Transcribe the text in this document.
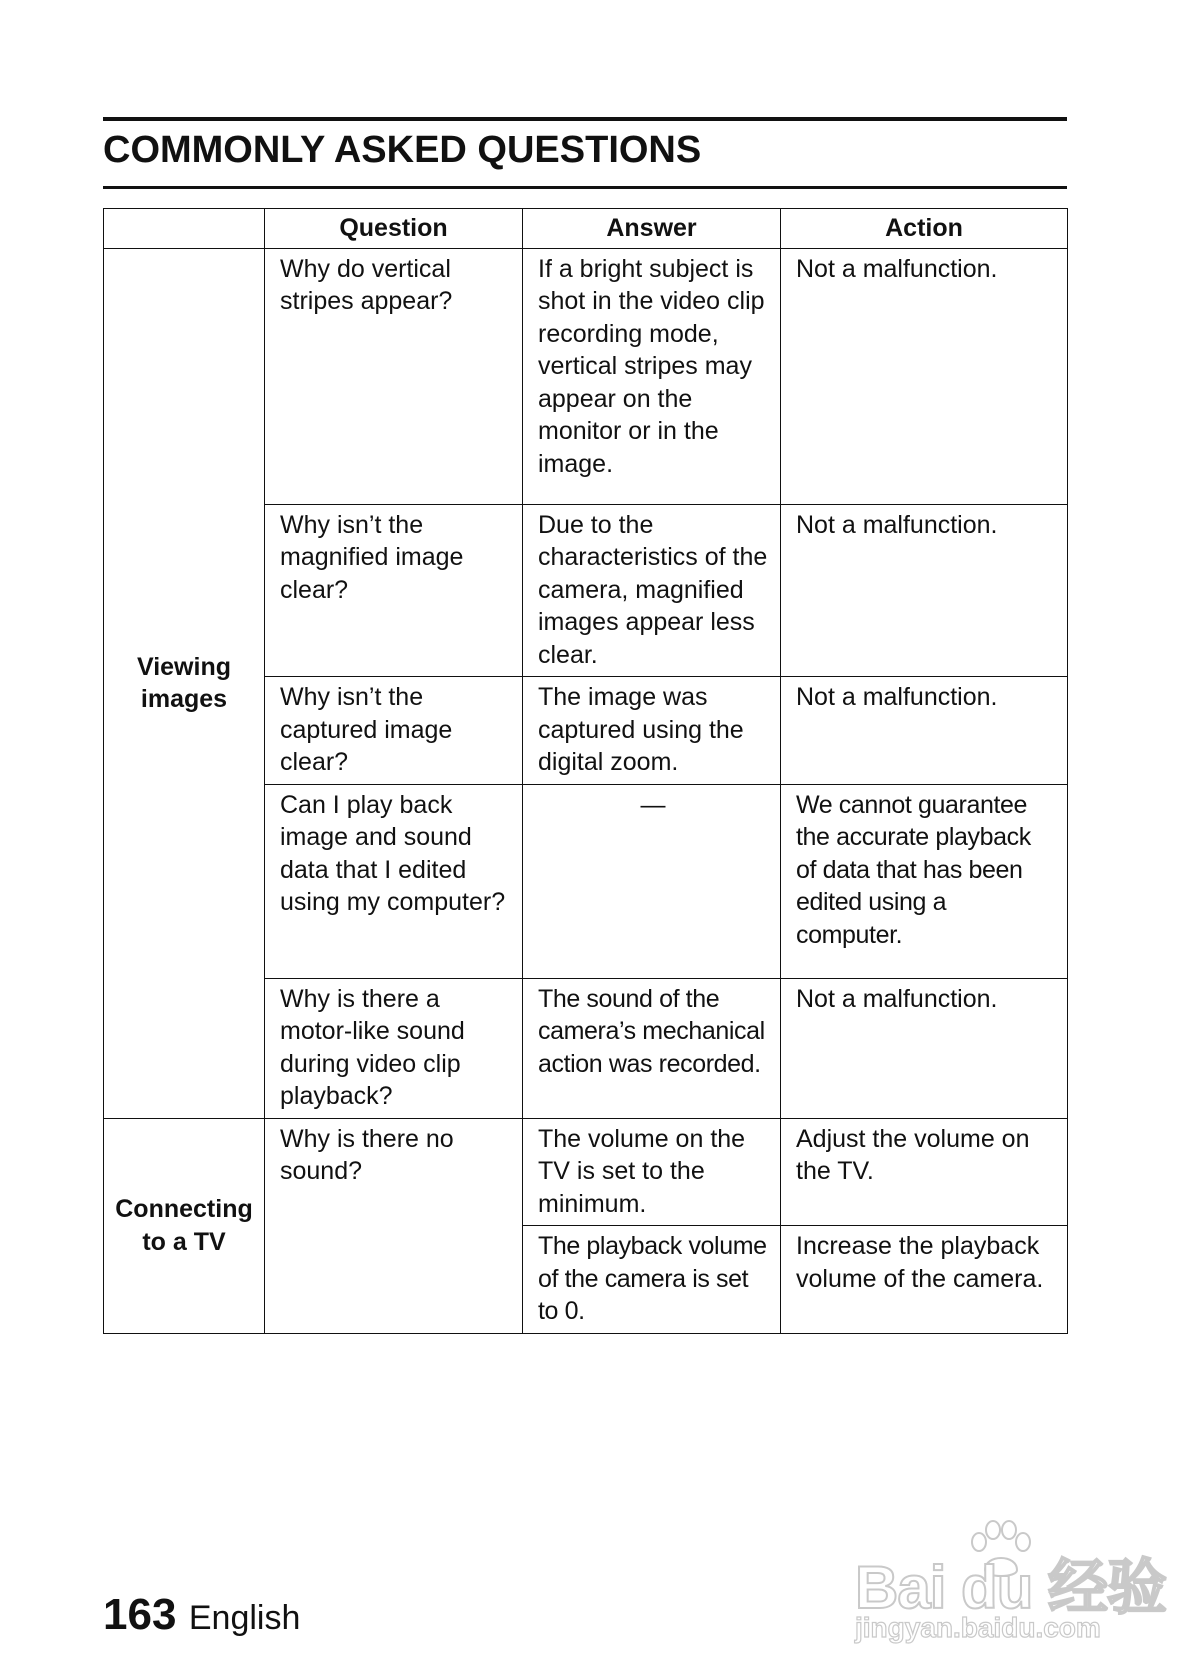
COMMONLY ASKED QUESTIONS
	Question	Answer	Action

Viewing
images	Why do vertical stripes appear?	If a bright subject is shot in the video clip recording mode, vertical stripes may appear on the monitor or in the image.	Not a malfunction.
	Why isn’t the magnified image clear?	Due to the characteristics of the camera, magnified images appear less clear.	Not a malfunction.
	Why isn’t the captured image clear?	The image was captured using the digital zoom.	Not a malfunction.
	Can I play back image and sound data that I edited using my computer?	—	We cannot guarantee the accurate playback of data that has been edited using a computer.
	Why is there a motor-like sound during video clip playback?	The sound of the camera’s mechanical action was recorded.	Not a malfunction.

Connecting
to a TV	Why is there no sound?	The volume on the TV is set to the minimum.	Adjust the volume on the TV.
		The playback volume of the camera is set to 0.	Increase the playback volume of the camera.
163 English	Bai du 经验
jingyan.baidu.com
